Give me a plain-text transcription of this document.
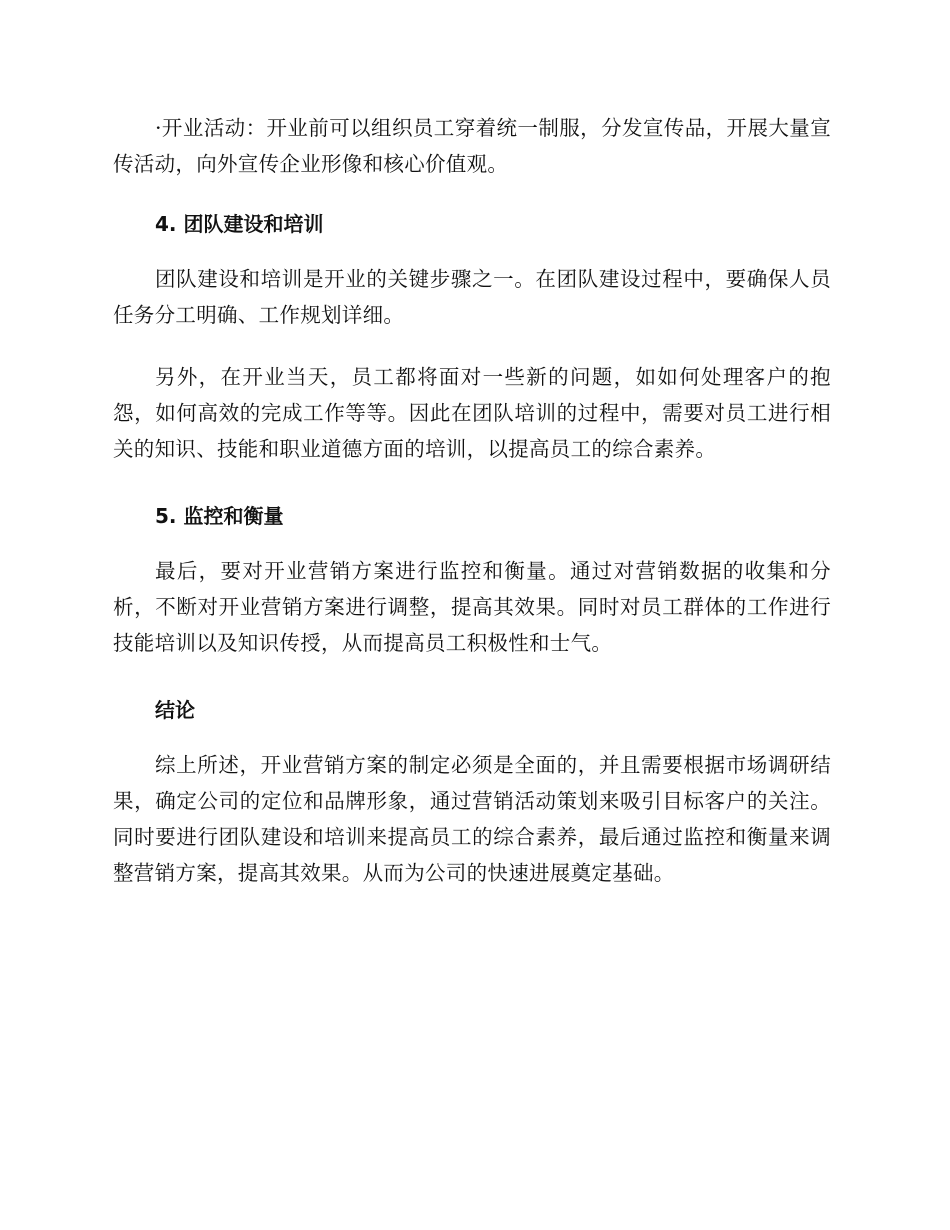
·开业活动：开业前可以组织员工穿着统一制服，分发宣传品，开展大量宣传活动，向外宣传企业形像和核心价值观。

4. 团队建设和培训

团队建设和培训是开业的关键步骤之一。在团队建设过程中，要确保人员任务分工明确、工作规划详细。

另外，在开业当天，员工都将面对一些新的问题，如如何处理客户的抱怨，如何高效的完成工作等等。因此在团队培训的过程中，需要对员工进行相关的知识、技能和职业道德方面的培训，以提高员工的综合素养。

5. 监控和衡量

最后，要对开业营销方案进行监控和衡量。通过对营销数据的收集和分析，不断对开业营销方案进行调整，提高其效果。同时对员工群体的工作进行技能培训以及知识传授，从而提高员工积极性和士气。

结论

综上所述，开业营销方案的制定必须是全面的，并且需要根据市场调研结果，确定公司的定位和品牌形象，通过营销活动策划来吸引目标客户的关注。同时要进行团队建设和培训来提高员工的综合素养，最后通过监控和衡量来调整营销方案，提高其效果。从而为公司的快速进展奠定基础。
